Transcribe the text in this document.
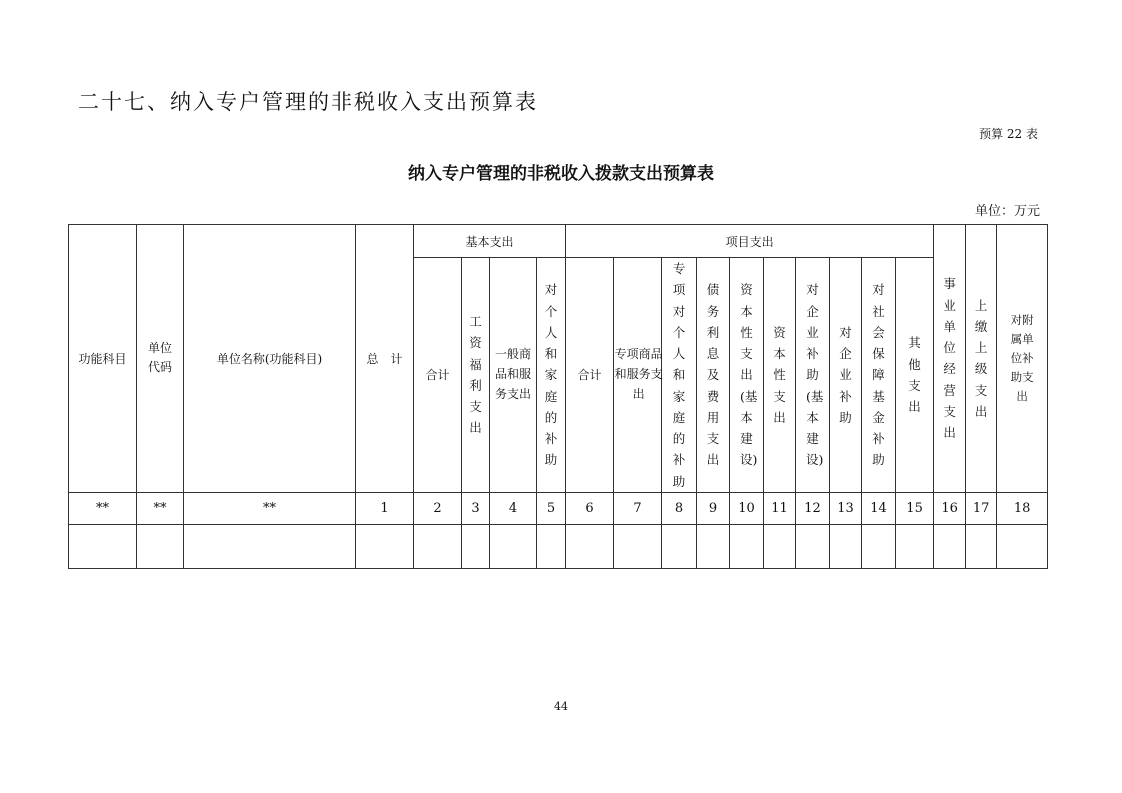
二十七、纳入专户管理的非税收入支出预算表
预算 22 表
纳入专户管理的非税收入拨款支出预算表
单位：万元
功能科目	单位代码	单位名称(功能科目)	总　计	基本支出				项目支出										事业单位经营支出	上缴上级支出	对附属单位补助支出
				合计	工资福利支出	一般商品和服务支出	对个人和家庭的补助	合计	专项商品和服务支出	专项对个人和家庭的补助	债务利息及费用支出	资本性支出(基本建设)	资本性支出	对企业补助(基本建设)	对企业补助	对社会保障基金补助	其他支出			
**	**	**	1	2	3	4	5	6	7	8	9	10	11	12	13	14	15	16	17	18

44
